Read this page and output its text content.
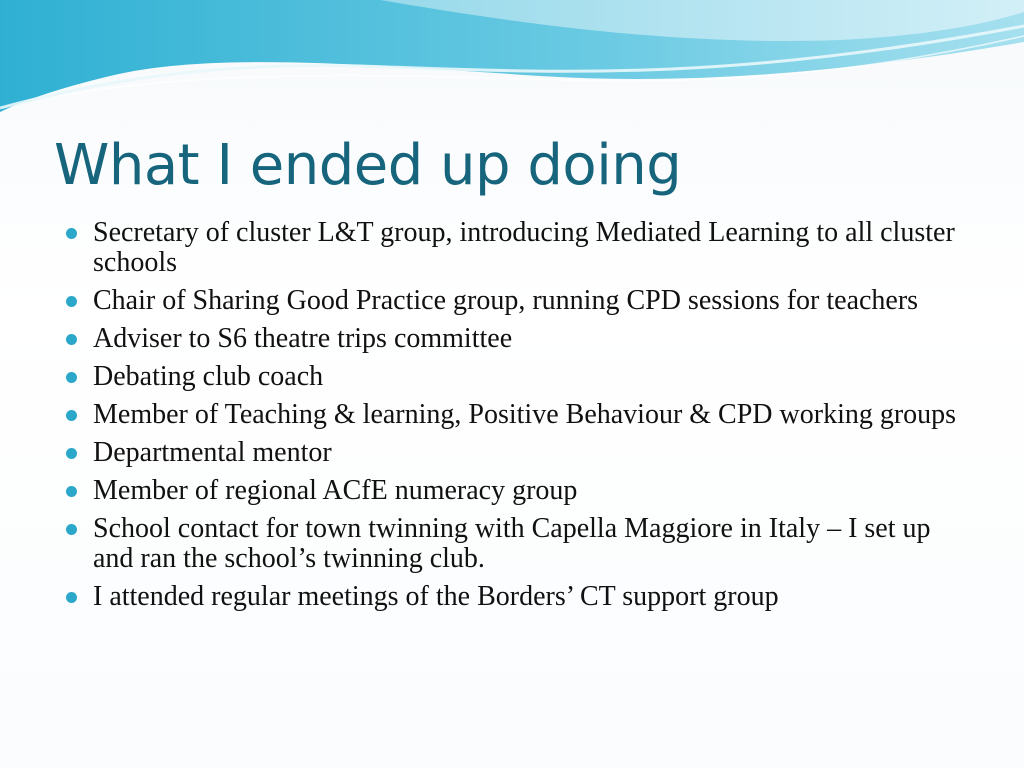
What I ended up doing
Secretary of cluster L&T group, introducing Mediated Learning to all cluster schools
Chair of Sharing Good Practice group, running CPD sessions for teachers
Adviser to S6 theatre trips committee
Debating club coach
Member of Teaching & learning, Positive Behaviour & CPD working groups
Departmental mentor
Member of regional ACfE numeracy group
School contact for town twinning with Capella Maggiore in Italy – I set up and ran the school’s twinning club.
I attended regular meetings of the Borders’ CT support group
